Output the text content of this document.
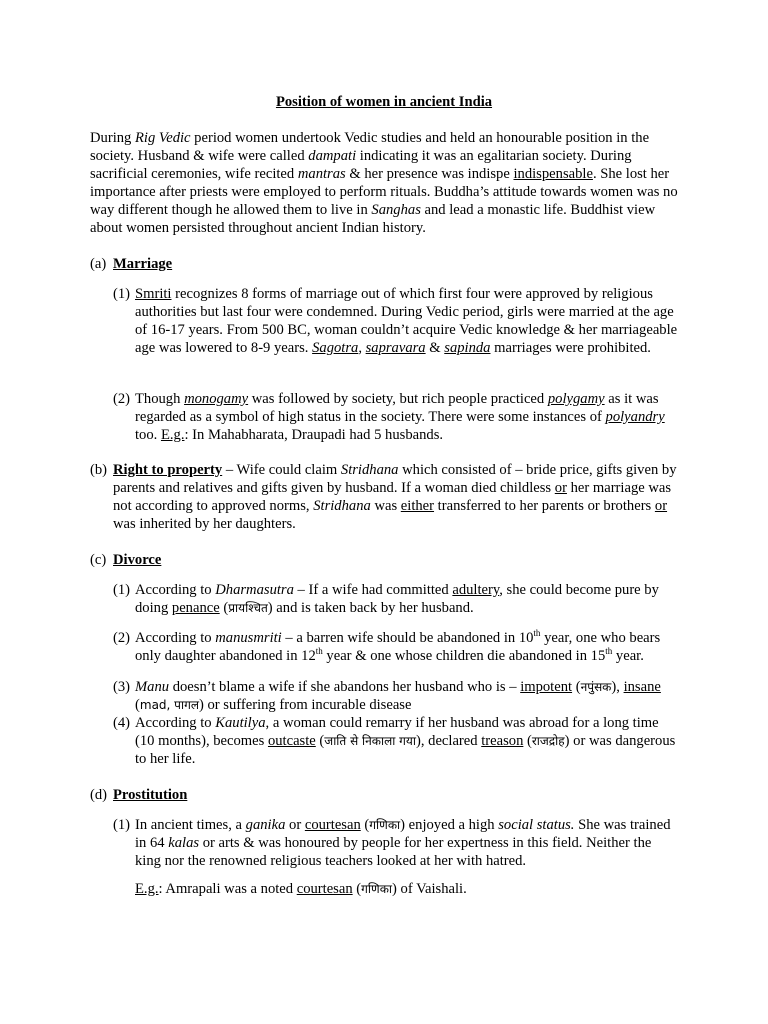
Position of women in ancient India

During Rig Vedic period women undertook Vedic studies and held an honourable position in the society. Husband & wife were called dampati indicating it was an egalitarian society. During sacrificial ceremonies, wife recited mantras & her presence was indispe indispensable. She lost her importance after priests were employed to perform rituals. Buddha’s attitude towards women was no way different though he allowed them to live in Sanghas and lead a monastic life. Buddhist view about women persisted throughout ancient Indian history.

(a) Marriage
(1) Smriti recognizes 8 forms of marriage out of which first four were approved by religious authorities but last four were condemned. During Vedic period, girls were married at the age of 16-17 years. From 500 BC, woman couldn’t acquire Vedic knowledge & her marriageable age was lowered to 8-9 years. Sagotra, sapravara & sapinda marriages were prohibited.
(2) Though monogamy was followed by society, but rich people practiced polygamy as it was regarded as a symbol of high status in the society. There were some instances of polyandry too. E.g.: In Mahabharata, Draupadi had 5 husbands.
(b) Right to property – Wife could claim Stridhana which consisted of – bride price, gifts given by parents and relatives and gifts given by husband. If a woman died childless or her marriage was not according to approved norms, Stridhana was either transferred to her parents or brothers or was inherited by her daughters.
(c) Divorce
(1) According to Dharmasutra – If a wife had committed adultery, she could become pure by doing penance (प्रायश्चित) and is taken back by her husband.
(2) According to manusmriti – a barren wife should be abandoned in 10th year, one who bears only daughter abandoned in 12th year & one whose children die abandoned in 15th year.
(3) Manu doesn’t blame a wife if she abandons her husband who is – impotent (नपुंसक), insane (mad, पागल) or suffering from incurable disease
(4) According to Kautilya, a woman could remarry if her husband was abroad for a long time (10 months), becomes outcaste (जाति से निकाला गया), declared treason (राजद्रोह) or was dangerous to her life.
(d) Prostitution
(1) In ancient times, a ganika or courtesan (गणिका) enjoyed a high social status. She was trained in 64 kalas or arts & was honoured by people for her expertness in this field. Neither the king nor the renowned religious teachers looked at her with hatred.
E.g.: Amrapali was a noted courtesan (गणिका) of Vaishali.
